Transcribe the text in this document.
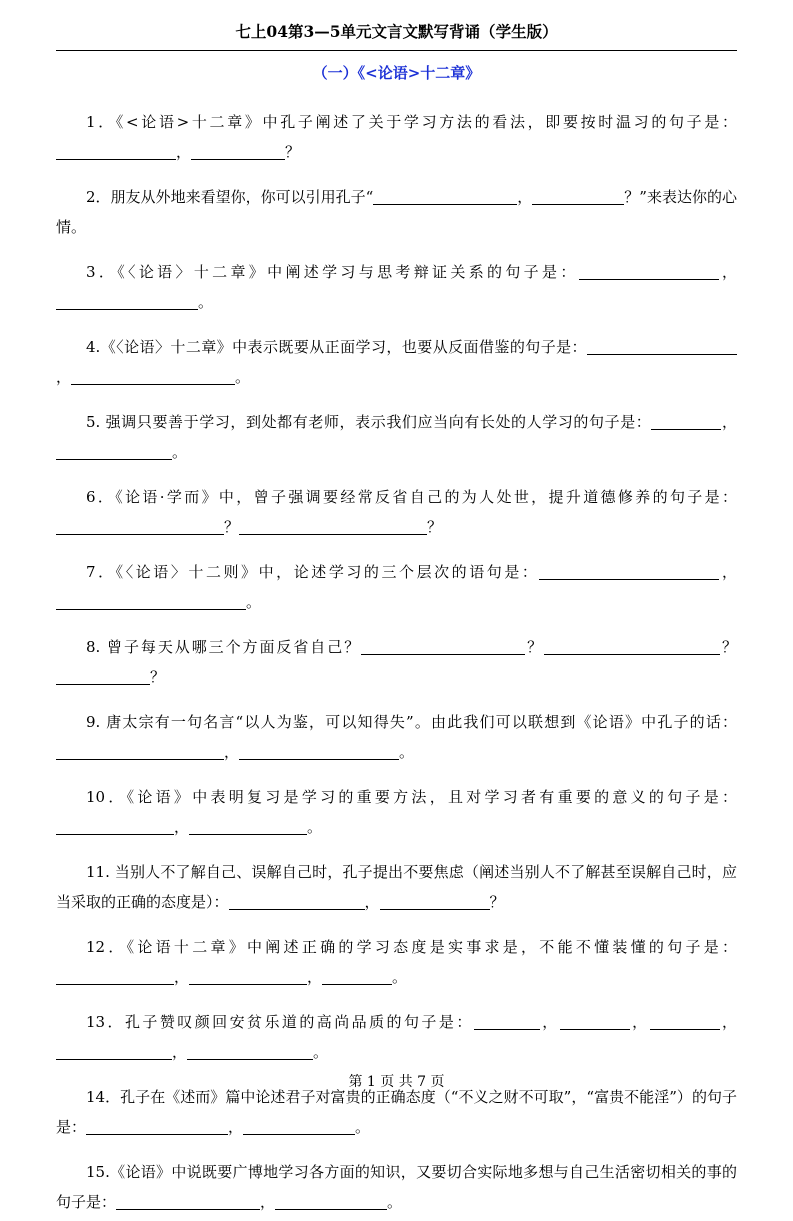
七上04第3—5单元文言文默写背诵（学生版）
（一）《<论语>十二章》

1．《<论语>十二章》中孔子阐述了关于学习方法的看法，即要按时温习的句子是：，	？

2．朋友从外地来看望你，你可以引用孔子“	，	？”来表达你的心情。

3．《〈论语〉十二章》中阐述学习与思考辩证关系的句子是：	，。

4.《〈论语〉十二章》中表示既要从正面学习，也要从反面借鉴的句子是：，	。

5. 强调只要善于学习，到处都有老师，表示我们应当向有长处的人学习的句子是：	，。

6．《论语·学而》中，曾子强调要经常反省自己的为人处世，提升道德修养的句子是：？	？

7．《〈论语〉十二则》中，论述学习的三个层次的语句是：	，。

8. 曾子每天从哪三个方面反省自己？	？	？？

9. 唐太宗有一句名言“以人为鉴，可以知得失”。由此我们可以联想到《论语》中孔子的话：，	。

10．《论语》中表明复习是学习的重要方法，且对学习者有重要的意义的句子是：，	。

11. 当别人不了解自己、误解自己时，孔子提出不要焦虑（阐述当别人不了解甚至误解自己时，应当采取的正确的态度是）：	，	？

12．《论语十二章》中阐述正确的学习态度是实事求是，不能不懂装懂的句子是：，	，	。

13．孔子赞叹颜回安贫乐道的高尚品质的句子是：	，	，	，，	。

14．孔子在《述而》篇中论述君子对富贵的正确态度（“不义之财不可取”，“富贵不能淫”）的句子是：	，	。

15.《论语》中说既要广博地学习各方面的知识，又要切合实际地多想与自己生活密切相关的事的句子是：	，	。

第 1 页 共 7 页
